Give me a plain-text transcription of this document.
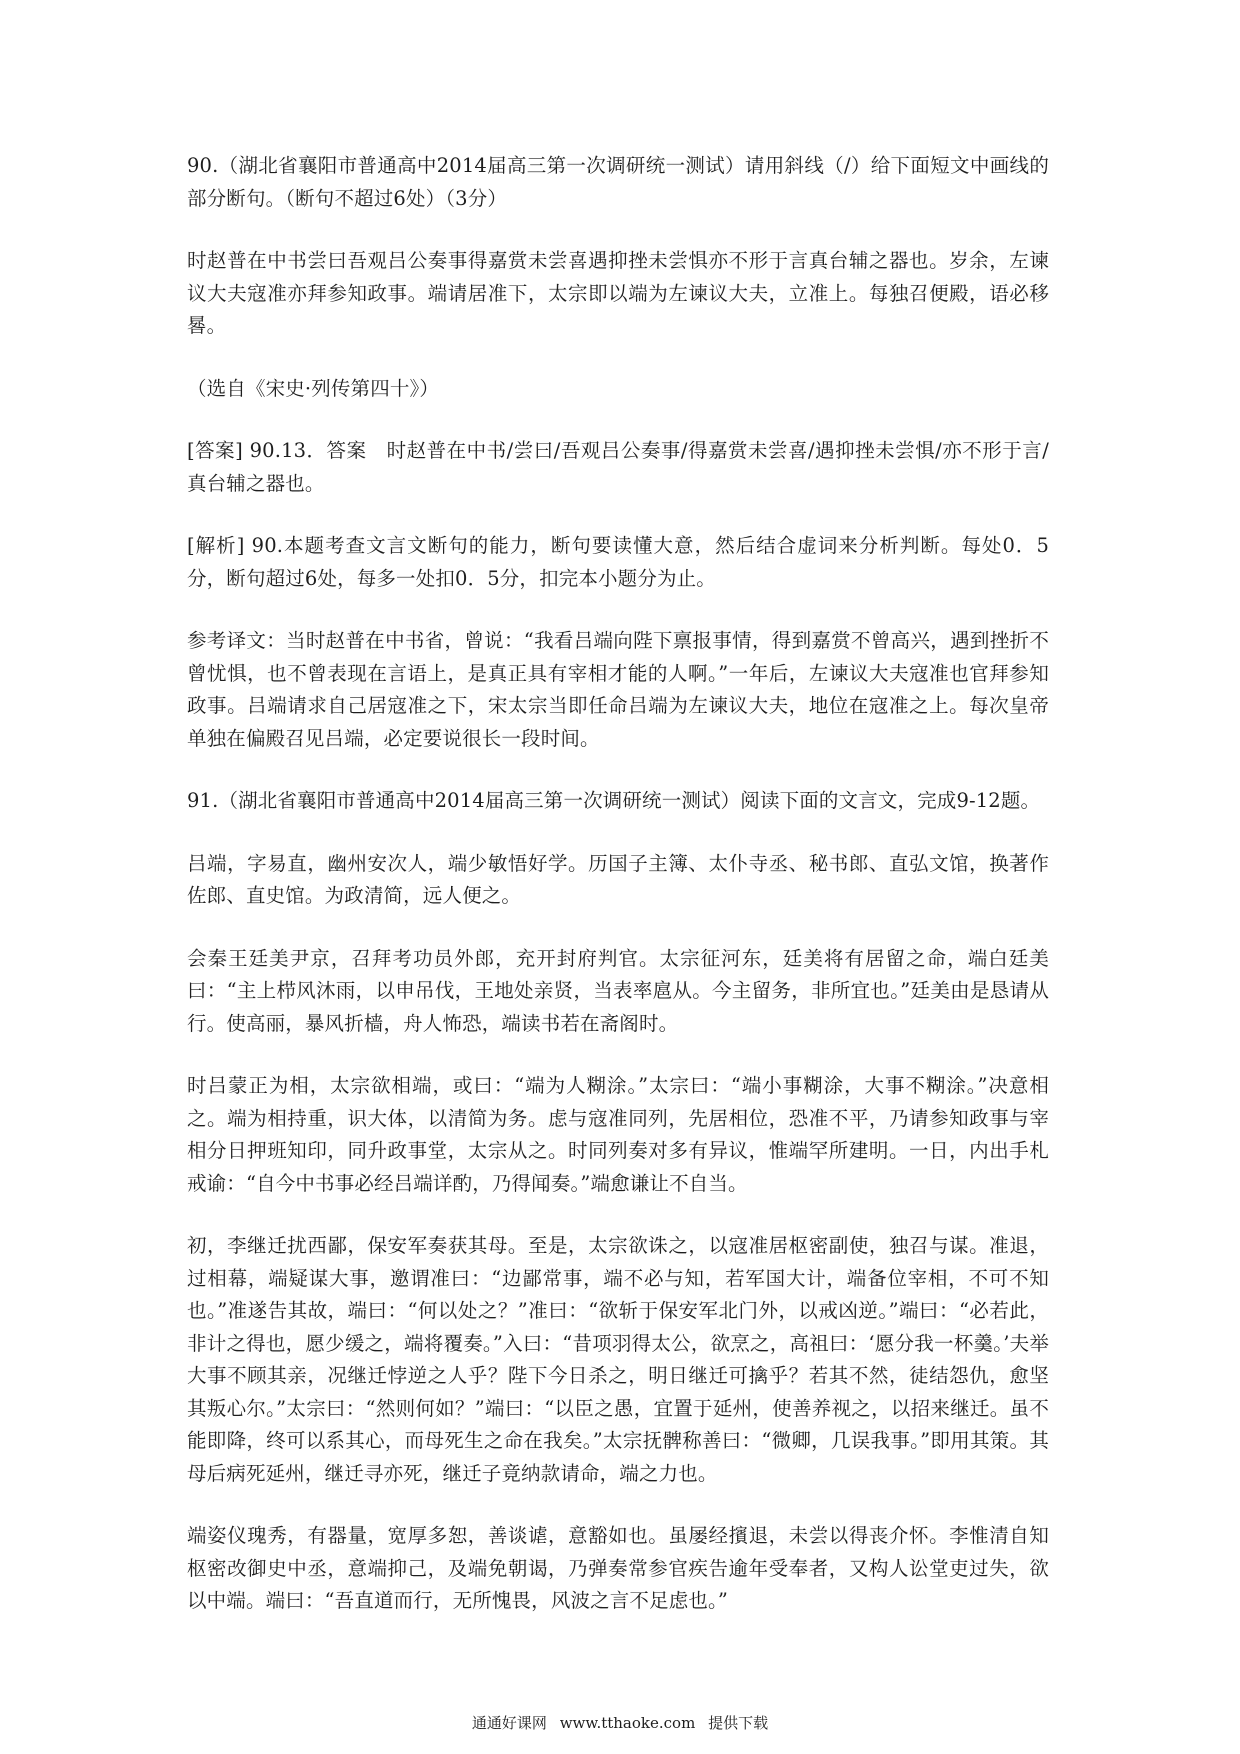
90.（湖北省襄阳市普通高中2014届高三第一次调研统一测试）请用斜线（/）给下面短文中画线的部分断句。（断句不超过6处）（3分）

时赵普在中书尝曰吾观吕公奏事得嘉赏未尝喜遇抑挫未尝惧亦不形于言真台辅之器也。岁余，左谏议大夫寇准亦拜参知政事。端请居准下，太宗即以端为左谏议大夫，立准上。每独召便殿，语必移晷。

（选自《宋史·列传第四十》）

[答案] 90.13．答案　时赵普在中书/尝曰/吾观吕公奏事/得嘉赏未尝喜/遇抑挫未尝惧/亦不形于言/真台辅之器也。

[解析] 90.本题考查文言文断句的能力，断句要读懂大意，然后结合虚词来分析判断。每处0．5分，断句超过6处，每多一处扣0．5分，扣完本小题分为止。

参考译文：当时赵普在中书省，曾说：“我看吕端向陛下禀报事情，得到嘉赏不曾高兴，遇到挫折不曾忧惧，也不曾表现在言语上，是真正具有宰相才能的人啊。”一年后，左谏议大夫寇准也官拜参知政事。吕端请求自己居寇准之下，宋太宗当即任命吕端为左谏议大夫，地位在寇准之上。每次皇帝单独在偏殿召见吕端，必定要说很长一段时间。

91.（湖北省襄阳市普通高中2014届高三第一次调研统一测试）阅读下面的文言文，完成9-12题。

吕端，字易直，幽州安次人，端少敏悟好学。历国子主簿、太仆寺丞、秘书郎、直弘文馆，换著作佐郎、直史馆。为政清简，远人便之。

会秦王廷美尹京，召拜考功员外郎，充开封府判官。太宗征河东，廷美将有居留之命，端白廷美曰：“主上栉风沐雨，以申吊伐，王地处亲贤，当表率扈从。今主留务，非所宜也。”廷美由是恳请从行。使高丽，暴风折樯，舟人怖恐，端读书若在斋阁时。

时吕蒙正为相，太宗欲相端，或曰：“端为人糊涂。”太宗曰：“端小事糊涂，大事不糊涂。”决意相之。端为相持重，识大体，以清简为务。虑与寇准同列，先居相位，恐准不平，乃请参知政事与宰相分日押班知印，同升政事堂，太宗从之。时同列奏对多有异议，惟端罕所建明。一日，内出手札戒谕：“自今中书事必经吕端详酌，乃得闻奏。”端愈谦让不自当。

初，李继迁扰西鄙，保安军奏获其母。至是，太宗欲诛之，以寇准居枢密副使，独召与谋。准退，过相幕，端疑谋大事，邀谓准曰：“边鄙常事，端不必与知，若军国大计，端备位宰相，不可不知也。”准遂告其故，端曰：“何以处之？”准曰：“欲斩于保安军北门外，以戒凶逆。”端曰：“必若此，非计之得也，愿少缓之，端将覆奏。”入曰：“昔项羽得太公，欲烹之，高祖曰：‘愿分我一杯羹。’夫举大事不顾其亲，况继迁悖逆之人乎？陛下今日杀之，明日继迁可擒乎？若其不然，徒结怨仇，愈坚其叛心尔。”太宗曰：“然则何如？”端曰：“以臣之愚，宜置于延州，使善养视之，以招来继迁。虽不能即降，终可以系其心，而母死生之命在我矣。”太宗抚髀称善曰：“微卿，几误我事。”即用其策。其母后病死延州，继迁寻亦死，继迁子竟纳款请命，端之力也。

端姿仪瑰秀，有器量，宽厚多恕，善谈谑，意豁如也。虽屡经擯退，未尝以得丧介怀。李惟清自知枢密改御史中丞，意端抑己，及端免朝谒，乃弹奏常参官疾告逾年受奉者，又构人讼堂吏过失，欲以中端。端曰：“吾直道而行，无所愧畏，风波之言不足虑也。”

通通好课网 www.tthaoke.com 提供下载
